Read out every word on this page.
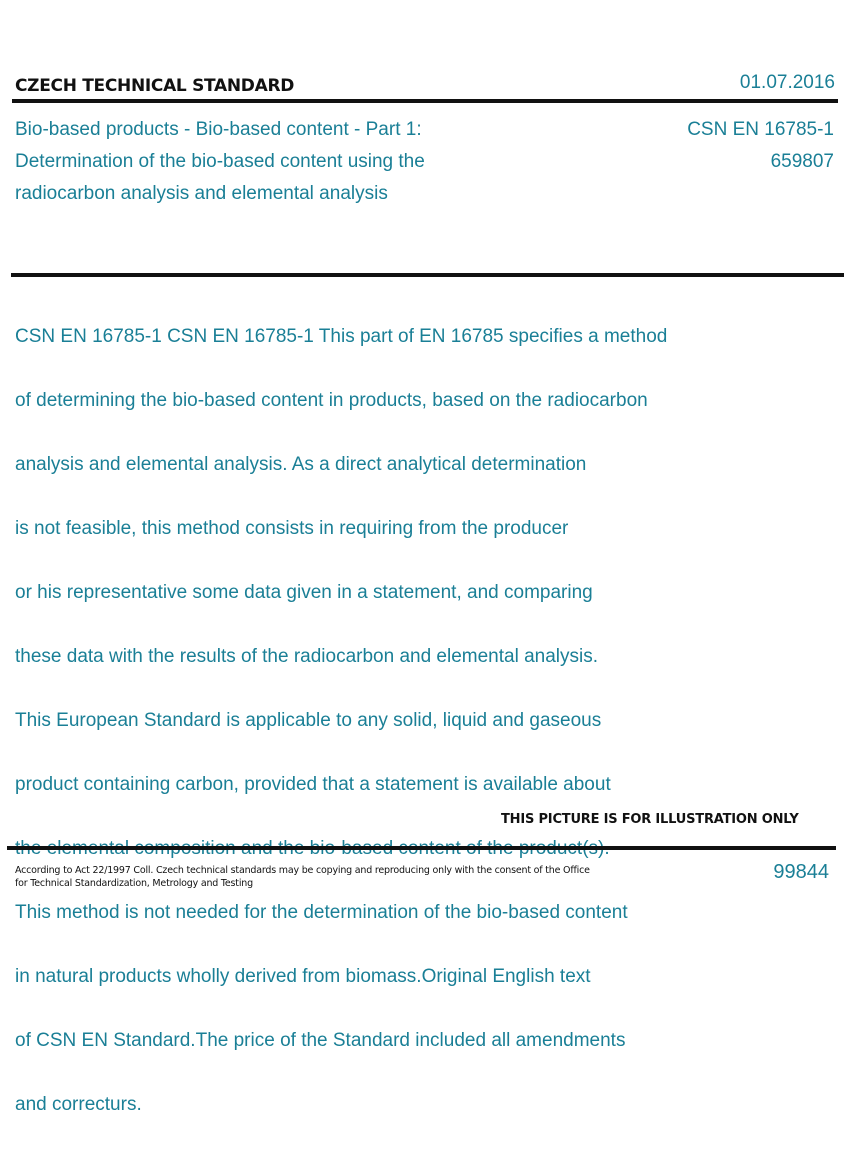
CZECH TECHNICAL STANDARD	01.07.2016
Bio-based products - Bio-based content - Part 1:
Determination of the bio-based content using the
radiocarbon analysis and elemental analysis
CSN EN 16785-1
659807

CSN EN 16785-1 CSN EN 16785-1 This part of EN 16785 specifies a method

of determining the bio-based content in products, based on the radiocarbon

analysis and elemental analysis. As a direct analytical determination

is not feasible, this method consists in requiring from the producer

or his representative some data given in a statement, and comparing

these data with the results of the radiocarbon and elemental analysis.

This European Standard is applicable to any solid, liquid and gaseous

product containing carbon, provided that a statement is available about

This method is not needed for the determination of the bio-based content

in natural products wholly derived from biomass.Original English text

of CSN EN Standard.The price of the Standard included all amendments

and correcturs.

THIS PICTURE IS FOR ILLUSTRATION ONLY
According to Act 22/1997 Coll. Czech technical standards may be copying and reproducing only with the consent of the Office
for Technical Standardization, Metrology and Testing
99844
